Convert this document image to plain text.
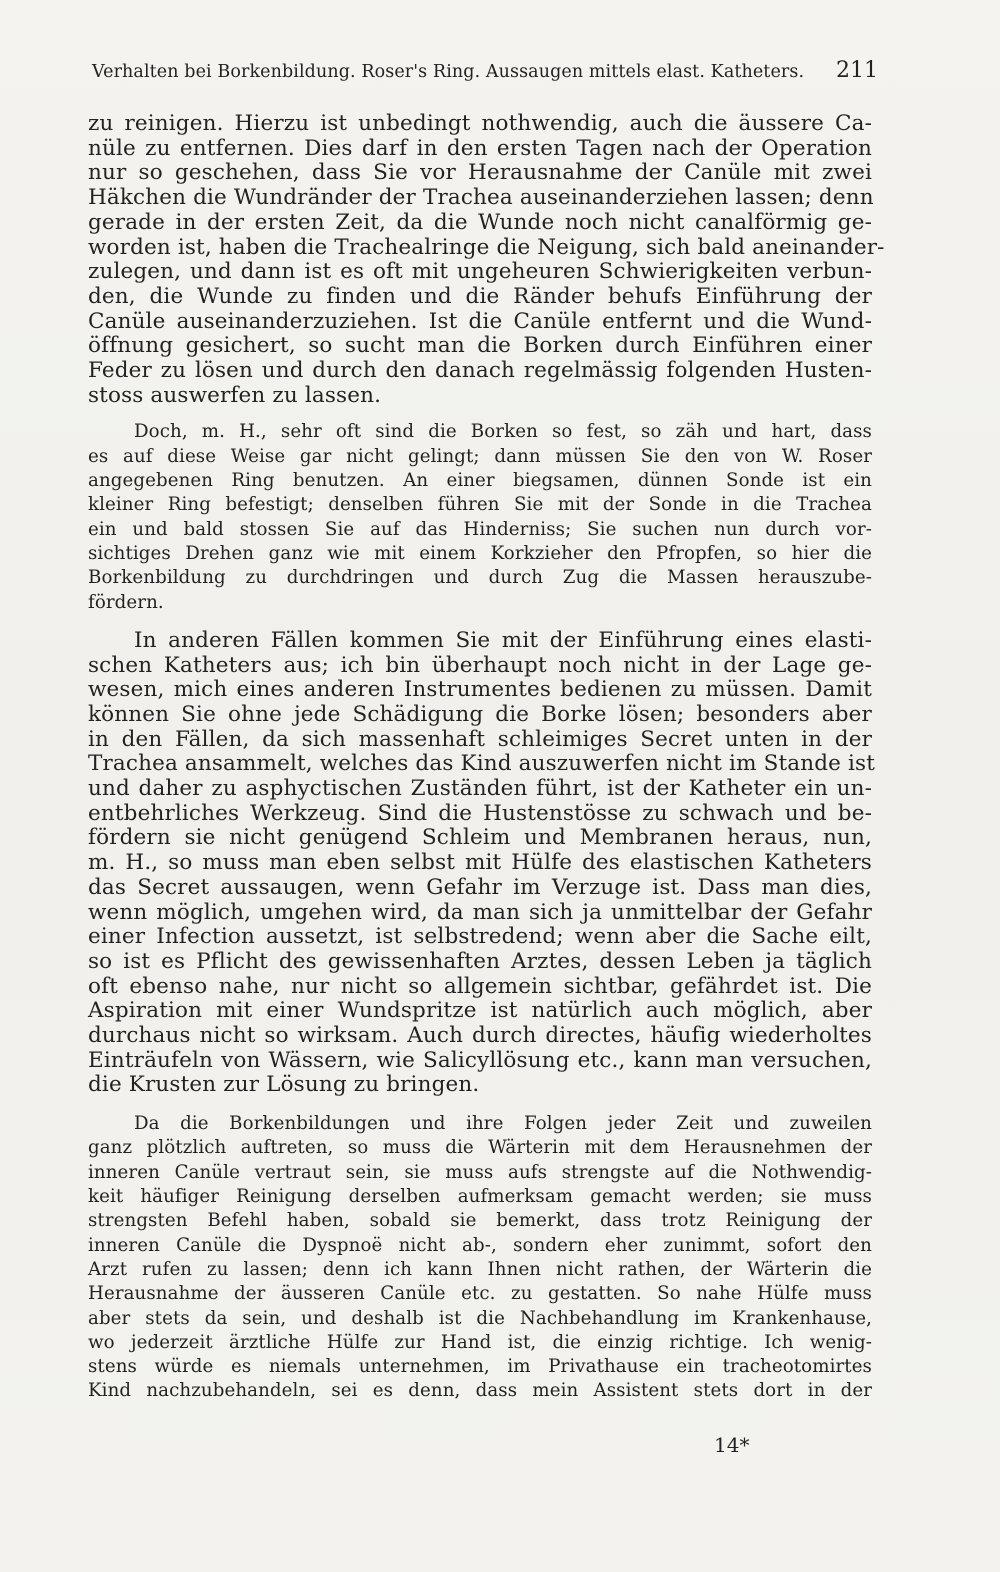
Verhalten bei Borkenbildung. Roser's Ring. Aussaugen mittels elast. Katheters. 211
zu reinigen. Hierzu ist unbedingt nothwendig, auch die äussere Ca-
nüle zu entfernen. Dies darf in den ersten Tagen nach der Operation
nur so geschehen, dass Sie vor Herausnahme der Canüle mit zwei
Häkchen die Wundränder der Trachea auseinanderziehen lassen; denn
gerade in der ersten Zeit, da die Wunde noch nicht canalförmig ge-
worden ist, haben die Trachealringe die Neigung, sich bald aneinander-
zulegen, und dann ist es oft mit ungeheuren Schwierigkeiten verbun-
den, die Wunde zu finden und die Ränder behufs Einführung der
Canüle auseinanderzuziehen. Ist die Canüle entfernt und die Wund-
öffnung gesichert, so sucht man die Borken durch Einführen einer
Feder zu lösen und durch den danach regelmässig folgenden Husten-
stoss auswerfen zu lassen.
Doch, m. H., sehr oft sind die Borken so fest, so zäh und hart, dass
es auf diese Weise gar nicht gelingt; dann müssen Sie den von W. Roser
angegebenen Ring benutzen. An einer biegsamen, dünnen Sonde ist ein
kleiner Ring befestigt; denselben führen Sie mit der Sonde in die Trachea
ein und bald stossen Sie auf das Hinderniss; Sie suchen nun durch vor-
sichtiges Drehen ganz wie mit einem Korkzieher den Pfropfen, so hier die
Borkenbildung zu durchdringen und durch Zug die Massen herauszube-
fördern.
In anderen Fällen kommen Sie mit der Einführung eines elasti-
schen Katheters aus; ich bin überhaupt noch nicht in der Lage ge-
wesen, mich eines anderen Instrumentes bedienen zu müssen. Damit
können Sie ohne jede Schädigung die Borke lösen; besonders aber
in den Fällen, da sich massenhaft schleimiges Secret unten in der
Trachea ansammelt, welches das Kind auszuwerfen nicht im Stande ist
und daher zu asphyctischen Zuständen führt, ist der Katheter ein un-
entbehrliches Werkzeug. Sind die Hustenstösse zu schwach und be-
fördern sie nicht genügend Schleim und Membranen heraus, nun,
m. H., so muss man eben selbst mit Hülfe des elastischen Katheters
das Secret aussaugen, wenn Gefahr im Verzuge ist. Dass man dies,
wenn möglich, umgehen wird, da man sich ja unmittelbar der Gefahr
einer Infection aussetzt, ist selbstredend; wenn aber die Sache eilt,
so ist es Pflicht des gewissenhaften Arztes, dessen Leben ja täglich
oft ebenso nahe, nur nicht so allgemein sichtbar, gefährdet ist. Die
Aspiration mit einer Wundspritze ist natürlich auch möglich, aber
durchaus nicht so wirksam. Auch durch directes, häufig wiederholtes
Einträufeln von Wässern, wie Salicyllösung etc., kann man versuchen,
die Krusten zur Lösung zu bringen.
Da die Borkenbildungen und ihre Folgen jeder Zeit und zuweilen
ganz plötzlich auftreten, so muss die Wärterin mit dem Herausnehmen der
inneren Canüle vertraut sein, sie muss aufs strengste auf die Nothwendig-
keit häufiger Reinigung derselben aufmerksam gemacht werden; sie muss
strengsten Befehl haben, sobald sie bemerkt, dass trotz Reinigung der
inneren Canüle die Dyspnoë nicht ab-, sondern eher zunimmt, sofort den
Arzt rufen zu lassen; denn ich kann Ihnen nicht rathen, der Wärterin die
Herausnahme der äusseren Canüle etc. zu gestatten. So nahe Hülfe muss
aber stets da sein, und deshalb ist die Nachbehandlung im Krankenhause,
wo jederzeit ärztliche Hülfe zur Hand ist, die einzig richtige. Ich wenig-
stens würde es niemals unternehmen, im Privathause ein tracheotomirtes
Kind nachzubehandeln, sei es denn, dass mein Assistent stets dort in der
14*
